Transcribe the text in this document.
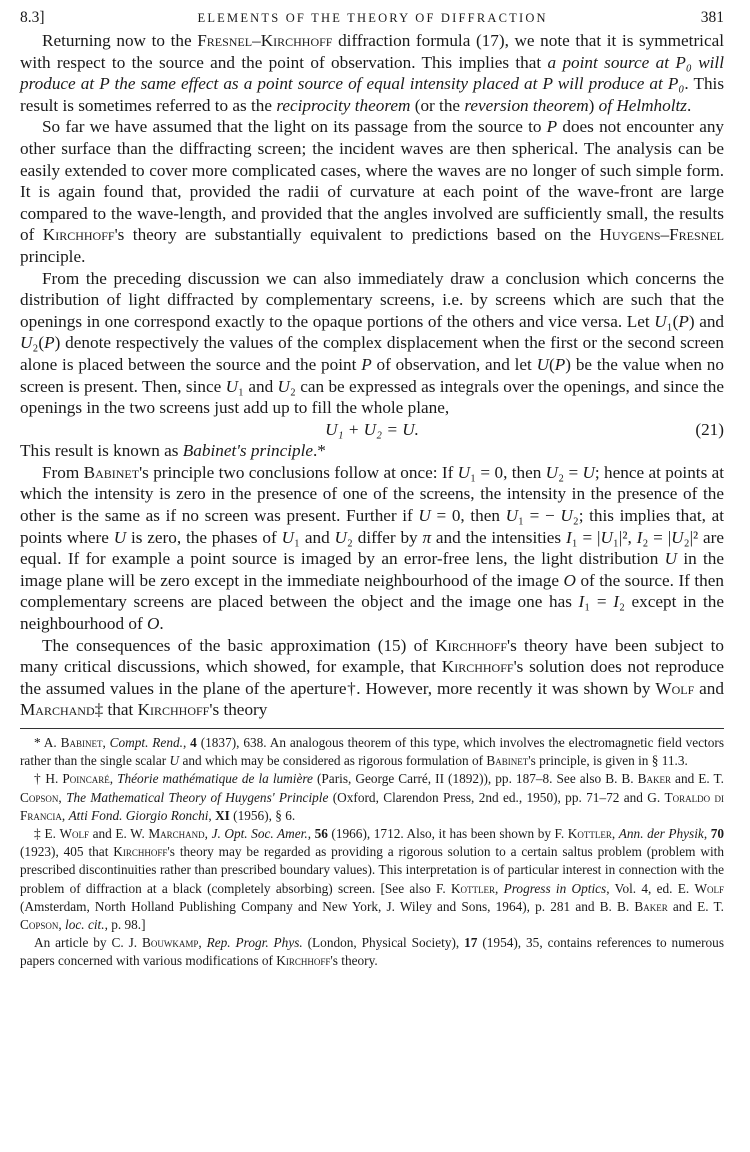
8.3]	ELEMENTS OF THE THEORY OF DIFFRACTION	381

Returning now to the Fresnel–Kirchhoff diffraction formula (17), we note that it is symmetrical with respect to the source and the point of observation. This implies that a point source at P₀ will produce at P the same effect as a point source of equal intensity placed at P will produce at P₀. This result is sometimes referred to as the reciprocity theorem (or the reversion theorem) of Helmholtz.

So far we have assumed that the light on its passage from the source to P does not encounter any other surface than the diffracting screen; the incident waves are then spherical. The analysis can be easily extended to cover more complicated cases, where the waves are no longer of such simple form. It is again found that, provided the radii of curvature at each point of the wave-front are large compared to the wave-length, and provided that the angles involved are sufficiently small, the results of Kirchhoff's theory are substantially equivalent to predictions based on the Huygens–Fresnel principle.

From the preceding discussion we can also immediately draw a conclusion which concerns the distribution of light diffracted by complementary screens, i.e. by screens which are such that the openings in one correspond exactly to the opaque portions of the others and vice versa. Let U₁(P) and U₂(P) denote respectively the values of the complex displacement when the first or the second screen alone is placed between the source and the point P of observation, and let U(P) be the value when no screen is present. Then, since U₁ and U₂ can be expressed as integrals over the openings, and since the openings in the two screens just add up to fill the whole plane,

U₁ + U₂ = U.	(21)

This result is known as Babinet's principle.*

From Babinet's principle two conclusions follow at once: If U₁ = 0, then U₂ = U; hence at points at which the intensity is zero in the presence of one of the screens, the intensity in the presence of the other is the same as if no screen was present. Further if U = 0, then U₁ = − U₂; this implies that, at points where U is zero, the phases of U₁ and U₂ differ by π and the intensities I₁ = |U₁|², I₂ = |U₂|² are equal. If for example a point source is imaged by an error-free lens, the light distribution U in the image plane will be zero except in the immediate neighbourhood of the image O of the source. If then complementary screens are placed between the object and the image one has I₁ = I₂ except in the neighbourhood of O.

The consequences of the basic approximation (15) of Kirchhoff's theory have been subject to many critical discussions, which showed, for example, that Kirchhoff's solution does not reproduce the assumed values in the plane of the aperture†. However, more recently it was shown by Wolf and Marchand‡ that Kirchhoff's theory

* A. Babinet, Compt. Rend., 4 (1837), 638. An analogous theorem of this type, which involves the electromagnetic field vectors rather than the single scalar U and which may be considered as rigorous formulation of Babinet's principle, is given in § 11.3.

† H. Poincaré, Théorie mathématique de la lumière (Paris, George Carré, II (1892)), pp. 187–8. See also B. B. Baker and E. T. Copson, The Mathematical Theory of Huygens' Principle (Oxford, Clarendon Press, 2nd ed., 1950), pp. 71–72 and G. Toraldo di Francia, Atti Fond. Giorgio Ronchi, XI (1956), § 6.

‡ E. Wolf and E. W. Marchand, J. Opt. Soc. Amer., 56 (1966), 1712. Also, it has been shown by F. Kottler, Ann. der Physik, 70 (1923), 405 that Kirchhoff's theory may be regarded as providing a rigorous solution to a certain saltus problem (problem with prescribed discontinuities rather than prescribed boundary values). This interpretation is of particular interest in connection with the problem of diffraction at a black (completely absorbing) screen. [See also F. Kottler, Progress in Optics, Vol. 4, ed. E. Wolf (Amsterdam, North Holland Publishing Company and New York, J. Wiley and Sons, 1964), p. 281 and B. B. Baker and E. T. Copson, loc. cit., p. 98.]

An article by C. J. Bouwkamp, Rep. Progr. Phys. (London, Physical Society), 17 (1954), 35, contains references to numerous papers concerned with various modifications of Kirchhoff's theory.
